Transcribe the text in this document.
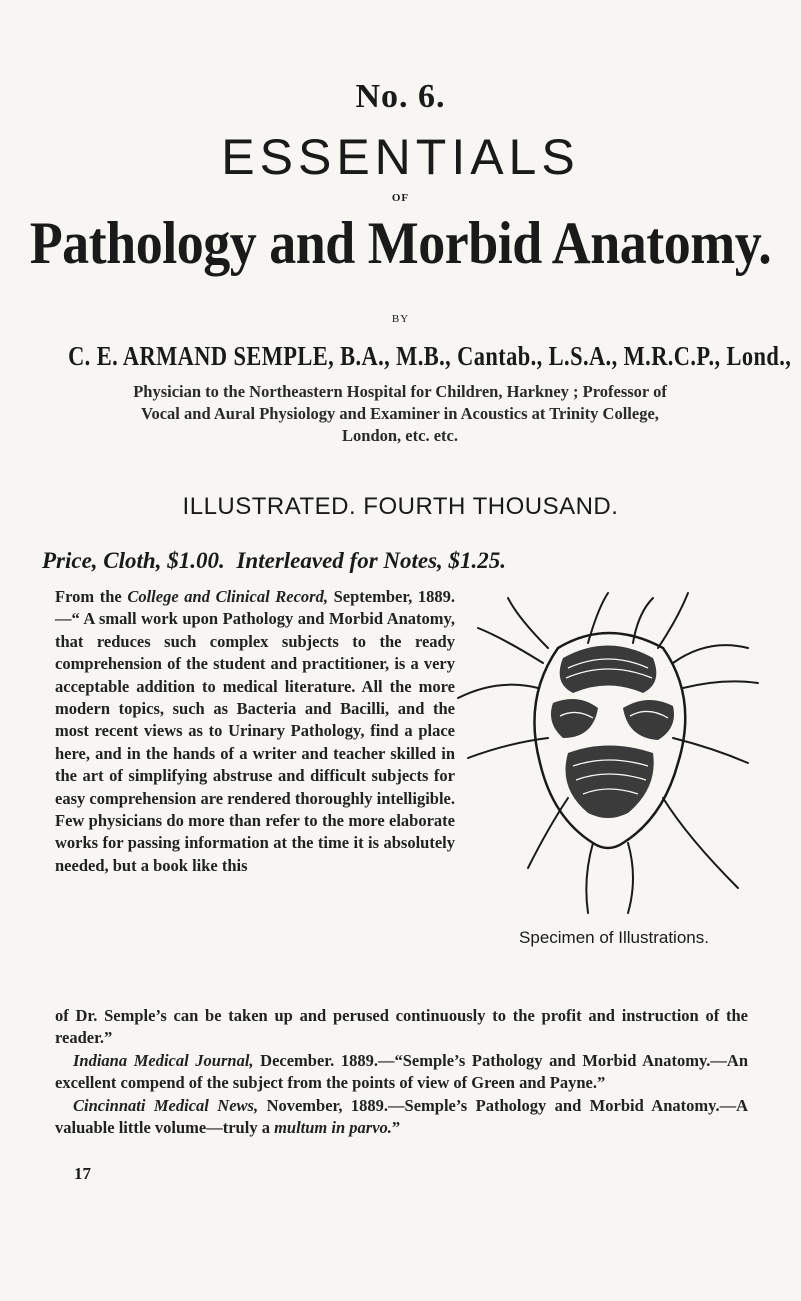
No. 6.
ESSENTIALS
OF
Pathology and Morbid Anatomy.
BY
C. E. ARMAND SEMPLE, B.A., M.B., Cantab., L.S.A., M.R.C.P., Lond.,
Physician to the Northeastern Hospital for Children, Harkney ; Professor of Vocal and Aural Physiology and Examiner in Acoustics at Trinity College, London, etc. etc.
ILLUSTRATED. FOURTH THOUSAND.
Price, Cloth, $1.00. Interleaved for Notes, $1.25.

From the College and Clinical Record, September, 1889.—“ A small work upon Pathology and Morbid Anatomy, that reduces such complex subjects to the ready comprehension of the student and practitioner, is a very acceptable addition to medical literature. All the more modern topics, such as Bacteria and Bacilli, and the most recent views as to Urinary Pathology, find a place here, and in the hands of a writer and teacher skilled in the art of simplifying abstruse and difficult subjects for easy comprehension are rendered thoroughly intelligible. Few physicians do more than refer to the more elaborate works for passing information at the time it is absolutely needed, but a book like this

Specimen of Illustrations.

of Dr. Semple’s can be taken up and perused continuously to the profit and instruction of the reader.”

Indiana Medical Journal, December. 1889.—“Semple’s Pathology and Morbid Anatomy.—An excellent compend of the subject from the points of view of Green and Payne.”

Cincinnati Medical News, November, 1889.—Semple’s Pathology and Morbid Anatomy.—A valuable little volume—truly a multum in parvo.”

17
